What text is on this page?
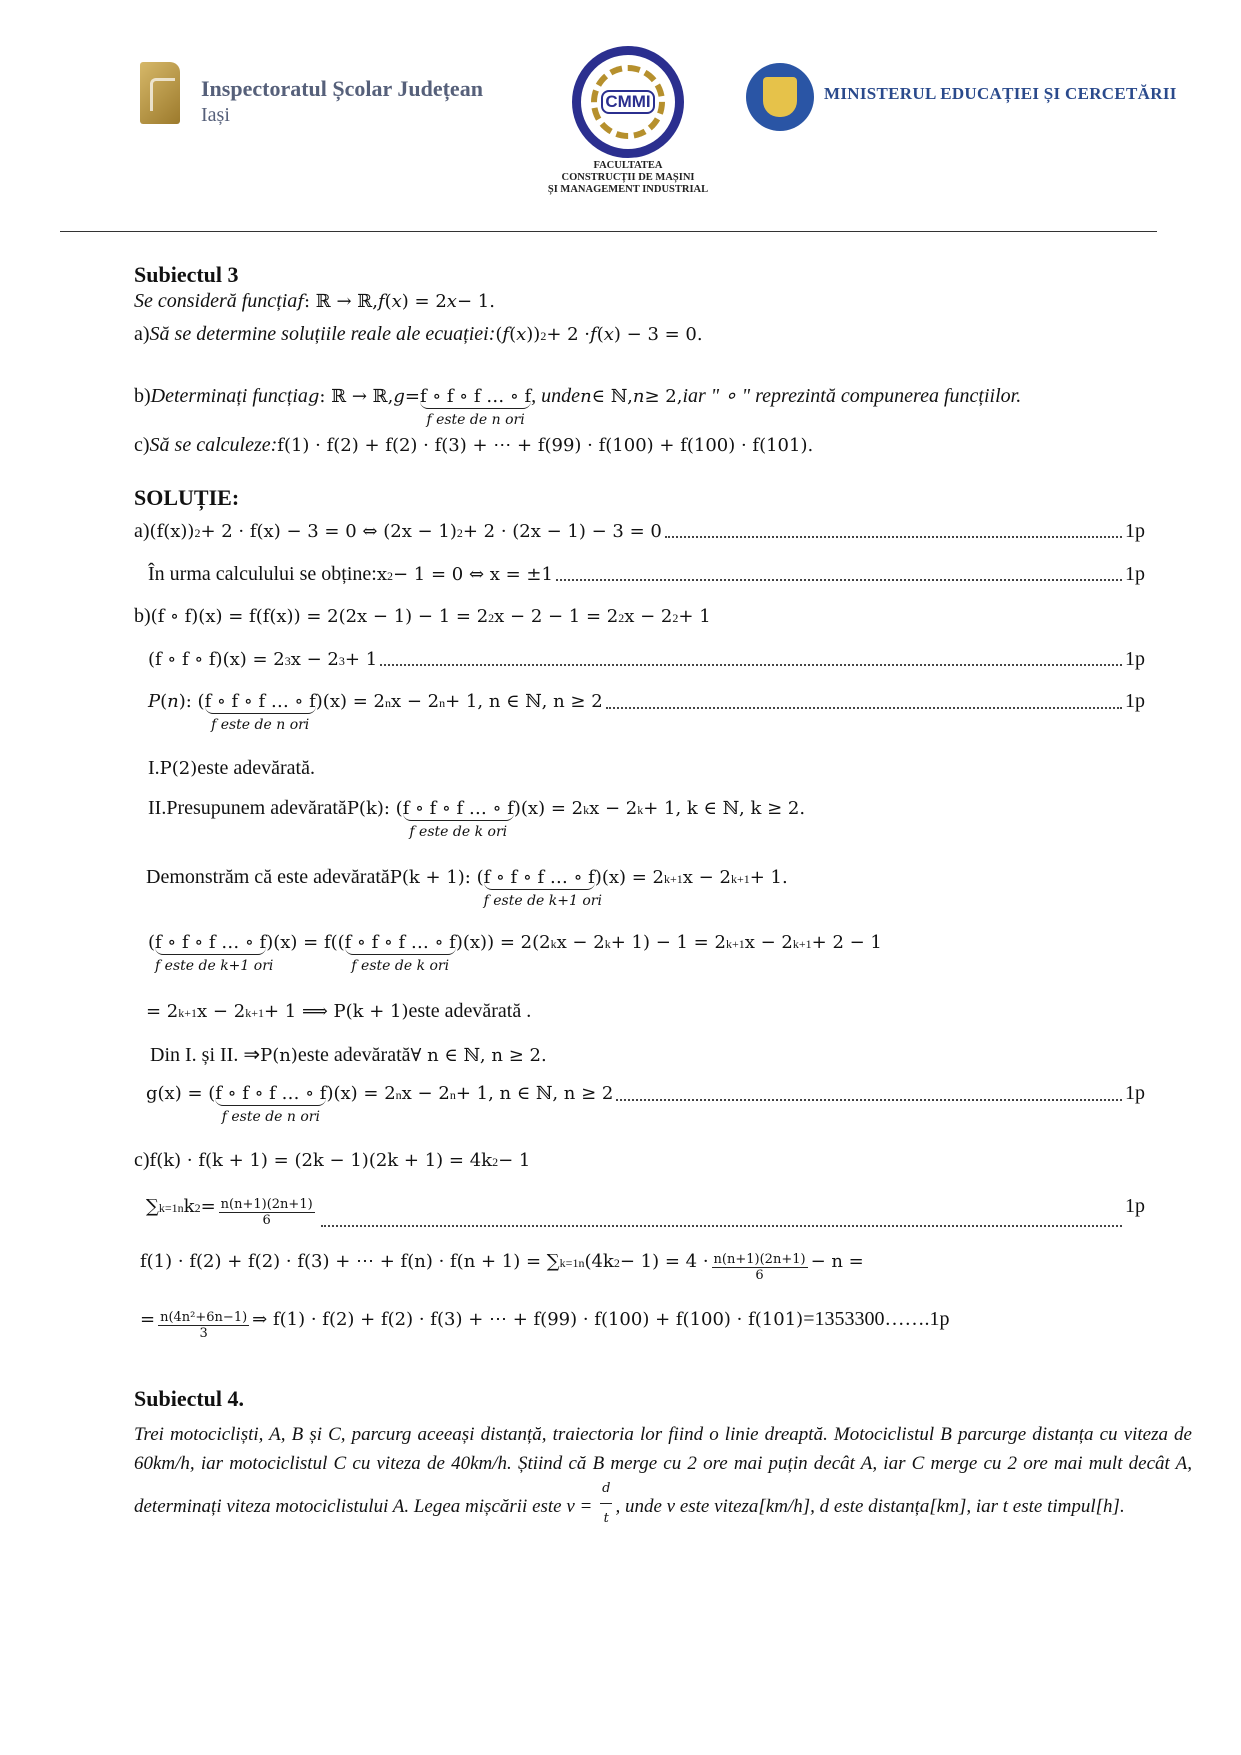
Inspectoratul Școlar Județean
Iași
CMMI
FACULTATEA
CONSTRUCȚII DE MAȘINI
ȘI MANAGEMENT INDUSTRIAL
MINISTERUL EDUCAȚIEI ȘI CERCETĂRII
Subiectul 3
Se consideră funcția f : ℝ → ℝ, f ( x ) = 2 x − 1.
a) Să se determine soluțiile reale ale ecuației: ( f ( x ) ) 2 + 2 · f ( x ) − 3 = 0.
b) Determinați funcția g : ℝ → ℝ, g = f ∘ f ∘ f … ∘ f
f este de n ori
, unde n ∈ ℕ, n ≥ 2, iar " ∘ " reprezintă compunerea funcțiilor.
c) Să se calculeze: f(1) · f(2) + f(2) · f(3) + ⋯ + f(99) · f(100) + f(100) · f(101).
SOLUȚIE:
a) (f(x)) 2 + 2 · f(x) − 3 = 0 ⇔ (2x − 1) 2 + 2 · (2x − 1) − 3 = 0	1p
În urma calculului se obține: x 2 − 1 = 0 ⇔ x = ±1	1p
b) (f ∘ f)(x) = f(f(x)) = 2(2x − 1) − 1 = 2 2 x − 2 − 1 = 2 2 x − 2 2 + 1
(f ∘ f ∘ f)(x) = 2 3 x − 2 3 + 1	1p
P ( n ): ( f ∘ f ∘ f … ∘ f
f este de n ori
)(x) = 2 n x − 2 n + 1, n ∈ ℕ, n ≥ 2	1p
I. P(2) este adevărată.
II.Presupunem adevărată P(k): ( f ∘ f ∘ f … ∘ f
f este de k ori
)(x) = 2 k x − 2 k + 1, k ∈ ℕ, k ≥ 2.
Demonstrăm că este adevărată P(k + 1): ( f ∘ f ∘ f … ∘ f
f este de k+1 ori
)(x) = 2 k+1 x − 2 k+1 + 1.
( f ∘ f ∘ f … ∘ f
f este de k+1 ori
)(x) = f(( f ∘ f ∘ f … ∘ f
f este de k ori
)(x)) = 2(2 k x − 2 k + 1) − 1 = 2 k+1 x − 2 k+1 + 2 − 1
= 2 k+1 x − 2 k+1 + 1 ⟹ P(k + 1) este adevărată .
Din I. și II. ⇒ P(n) este adevărată ∀ n ∈ ℕ, n ≥ 2.
g(x) = ( f ∘ f ∘ f … ∘ f
f este de n ori
)(x) = 2 n x − 2 n + 1, n ∈ ℕ, n ≥ 2	1p
c) f(k) · f(k + 1) = (2k − 1)(2k + 1) = 4k 2 − 1
∑ k=1 n k $2 = \frac{n(n+1)(2n+1)}{6}$	1p
f(1) · f(2) + f(2) · f(3) + ⋯ + f(n) · f(n + 1) = ∑ k=1 n (4k $2 - 1) = 4 \cdot \frac{n(n+1)(2n+1)}{6} - n$ =
= $\frac{\text{n(4n²+6n−1)}}{3}$ ⇒ f(1) · f(2) + f(2) · f(3) + ⋯ + f(99) · f(100) + f(100) · f(101) =1353300……. 1p
Subiectul 4.
Trei motocicliști, A, B și C, parcurg aceeași distanță, traiectoria lor fiind o linie dreaptă. Motociclistul B parcurge distanța cu viteza de 60km/h, iar motociclistul C cu viteza de 40km/h. Știind că B merge cu 2 ore mai puțin decât A, iar C merge cu 2 ore mai mult decât A, determinați viteza motociclistului A. Legea mișcării este $v = \frac{d}{t}$ , unde v este viteza[km/h], d este distanța[km], iar t este timpul[h].
